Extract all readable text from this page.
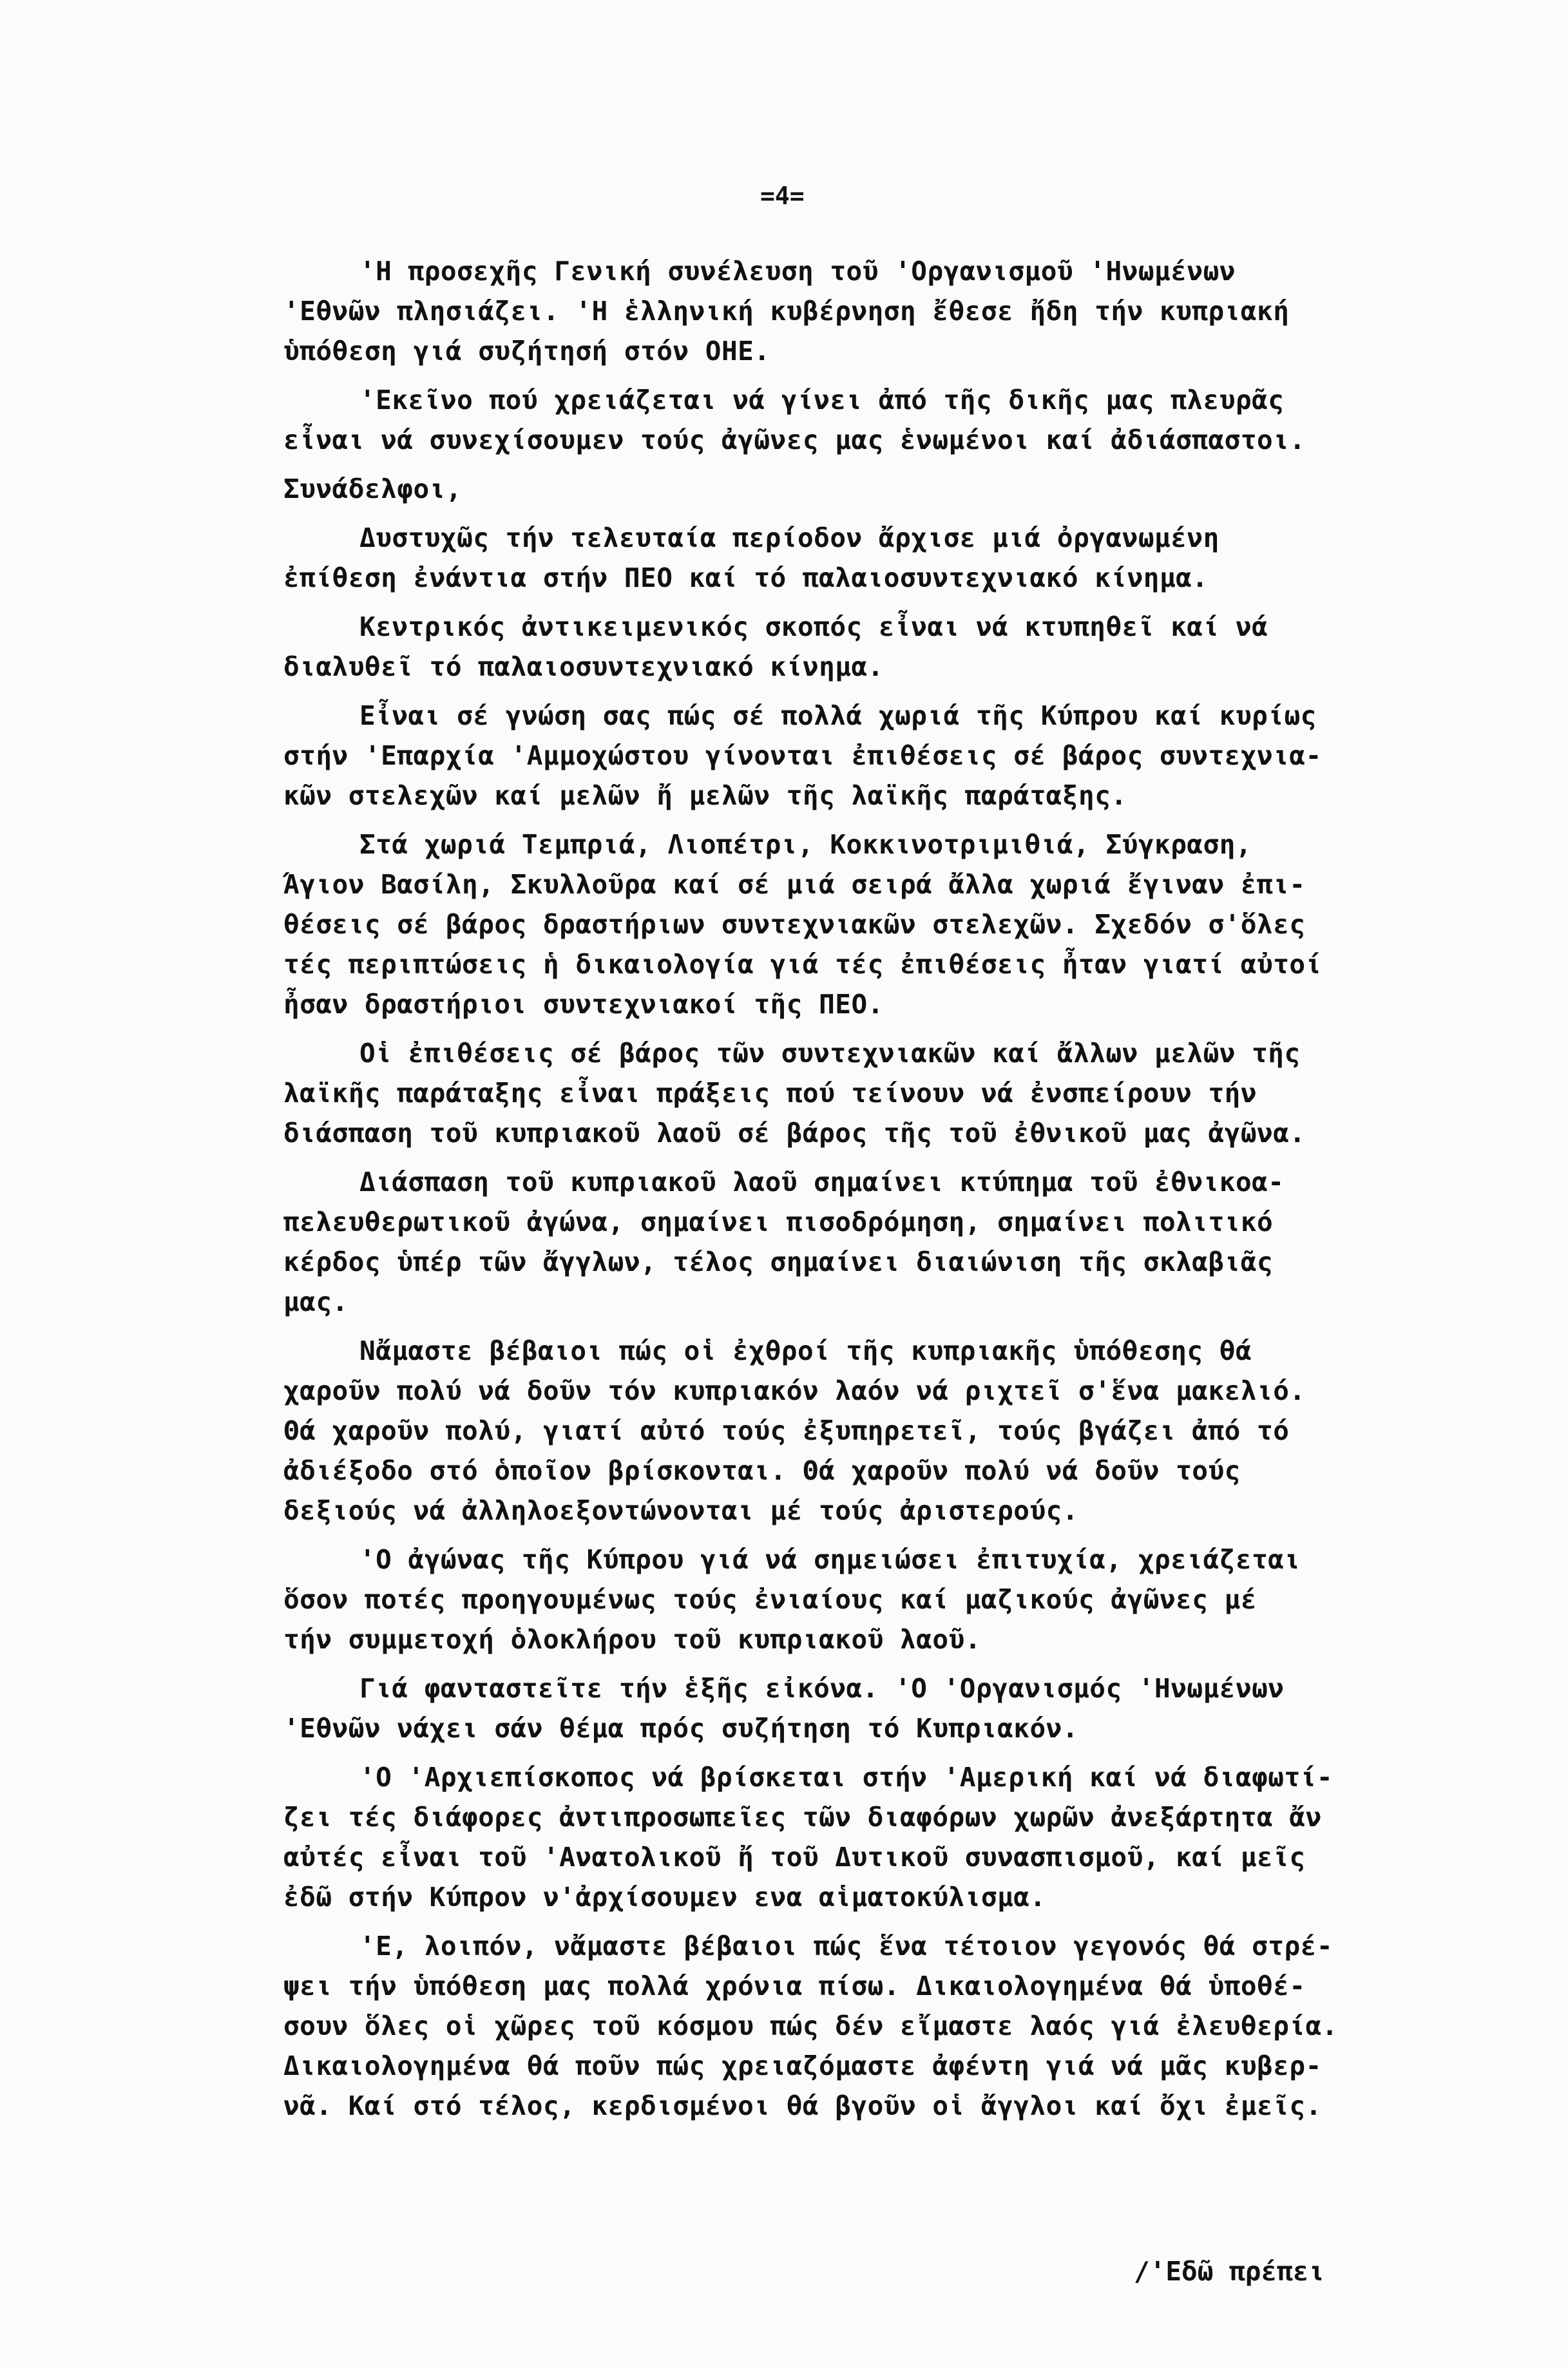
=4=
'Η προσεχῆς Γενική συνέλευση τοῦ 'Οργανισμοῦ 'Ηνωμένων
'Εθνῶν πλησιάζει. 'Η ἑλληνική κυβέρνηση ἔθεσε ἤδη τήν κυπριακή
ὑπόθεση γιά συζήτησή στόν ΟΗΕ.
'Εκεῖνο πού χρειάζεται νά γίνει ἀπό τῆς δικῆς μας πλευρᾶς
εἶναι νά συνεχίσουμεν τούς ἀγῶνες μας ἑνωμένοι καί ἀδιάσπαστοι.
Συνάδελφοι,
Δυστυχῶς τήν τελευταία περίοδον ἄρχισε μιά ὀργανωμένη
ἐπίθεση ἐνάντια στήν ΠΕΟ καί τό παλαιοσυντεχνιακό κίνημα.
Κεντρικός ἀντικειμενικός σκοπός εἶναι νά κτυπηθεῖ καί νά
διαλυθεῖ τό παλαιοσυντεχνιακό κίνημα.
Εἶναι σέ γνώση σας πώς σέ πολλά χωριά τῆς Κύπρου καί κυρίως
στήν 'Επαρχία 'Αμμοχώστου γίνονται ἐπιθέσεις σέ βάρος συντεχνια-
κῶν στελεχῶν καί μελῶν ἤ μελῶν τῆς λαϊκῆς παράταξης.
Στά χωριά Τεμπριά, Λιοπέτρι, Κοκκινοτριμιθιά, Σύγκραση,
Άγιον Βασίλη, Σκυλλοῦρα καί σέ μιά σειρά ἄλλα χωριά ἔγιναν ἐπι-
θέσεις σέ βάρος δραστήριων συντεχνιακῶν στελεχῶν. Σχεδόν σ'ὅλες
τές περιπτώσεις ἡ δικαιολογία γιά τές ἐπιθέσεις ἦταν γιατί αὐτοί
ἦσαν δραστήριοι συντεχνιακοί τῆς ΠΕΟ.
Οἱ ἐπιθέσεις σέ βάρος τῶν συντεχνιακῶν καί ἄλλων μελῶν τῆς
λαϊκῆς παράταξης εἶναι πράξεις πού τείνουν νά ἐνσπείρουν τήν
διάσπαση τοῦ κυπριακοῦ λαοῦ σέ βάρος τῆς τοῦ ἐθνικοῦ μας ἀγῶνα.
Διάσπαση τοῦ κυπριακοῦ λαοῦ σημαίνει κτύπημα τοῦ ἐθνικοα-
πελευθερωτικοῦ ἀγώνα, σημαίνει πισοδρόμηση, σημαίνει πολιτικό
κέρδος ὑπέρ τῶν ἄγγλων, τέλος σημαίνει διαιώνιση τῆς σκλαβιᾶς
μας.
Νἄμαστε βέβαιοι πώς οἱ ἐχθροί τῆς κυπριακῆς ὑπόθεσης θά
χαροῦν πολύ νά δοῦν τόν κυπριακόν λαόν νά ριχτεῖ σ'ἕνα μακελιό.
Θά χαροῦν πολύ, γιατί αὐτό τούς ἐξυπηρετεῖ, τούς βγάζει ἀπό τό
ἀδιέξοδο στό ὁποῖον βρίσκονται. Θά χαροῦν πολύ νά δοῦν τούς
δεξιούς νά ἀλληλοεξοντώνονται μέ τούς ἀριστερούς.
'Ο ἀγώνας τῆς Κύπρου γιά νά σημειώσει ἐπιτυχία, χρειάζεται
ὅσον ποτές προηγουμένως τούς ἐνιαίους καί μαζικούς ἀγῶνες μέ
τήν συμμετοχή ὁλοκλήρου τοῦ κυπριακοῦ λαοῦ.
Γιά φανταστεῖτε τήν ἑξῆς εἰκόνα. 'Ο 'Οργανισμός 'Ηνωμένων
'Εθνῶν νάχει σάν θέμα πρός συζήτηση τό Κυπριακόν.
'Ο 'Αρχιεπίσκοπος νά βρίσκεται στήν 'Αμερική καί νά διαφωτί-
ζει τές διάφορες ἀντιπροσωπεῖες τῶν διαφόρων χωρῶν ἀνεξάρτητα ἄν
αὐτές εἶναι τοῦ 'Ανατολικοῦ ἤ τοῦ Δυτικοῦ συνασπισμοῦ, καί μεῖς
ἐδῶ στήν Κύπρον ν'ἀρχίσουμεν ενα αἱματοκύλισμα.
'Ε, λοιπόν, νἄμαστε βέβαιοι πώς ἕνα τέτοιον γεγονός θά στρέ-
ψει τήν ὑπόθεση μας πολλά χρόνια πίσω. Δικαιολογημένα θά ὑποθέ-
σουν ὅλες οἱ χῶρες τοῦ κόσμου πώς δέν εἴμαστε λαός γιά ἐλευθερία.
Δικαιολογημένα θά ποῦν πώς χρειαζόμαστε ἀφέντη γιά νά μᾶς κυβερ-
νᾶ. Καί στό τέλος, κερδισμένοι θά βγοῦν οἱ ἄγγλοι καί ὄχι ἐμεῖς.
/'Εδῶ πρέπει
